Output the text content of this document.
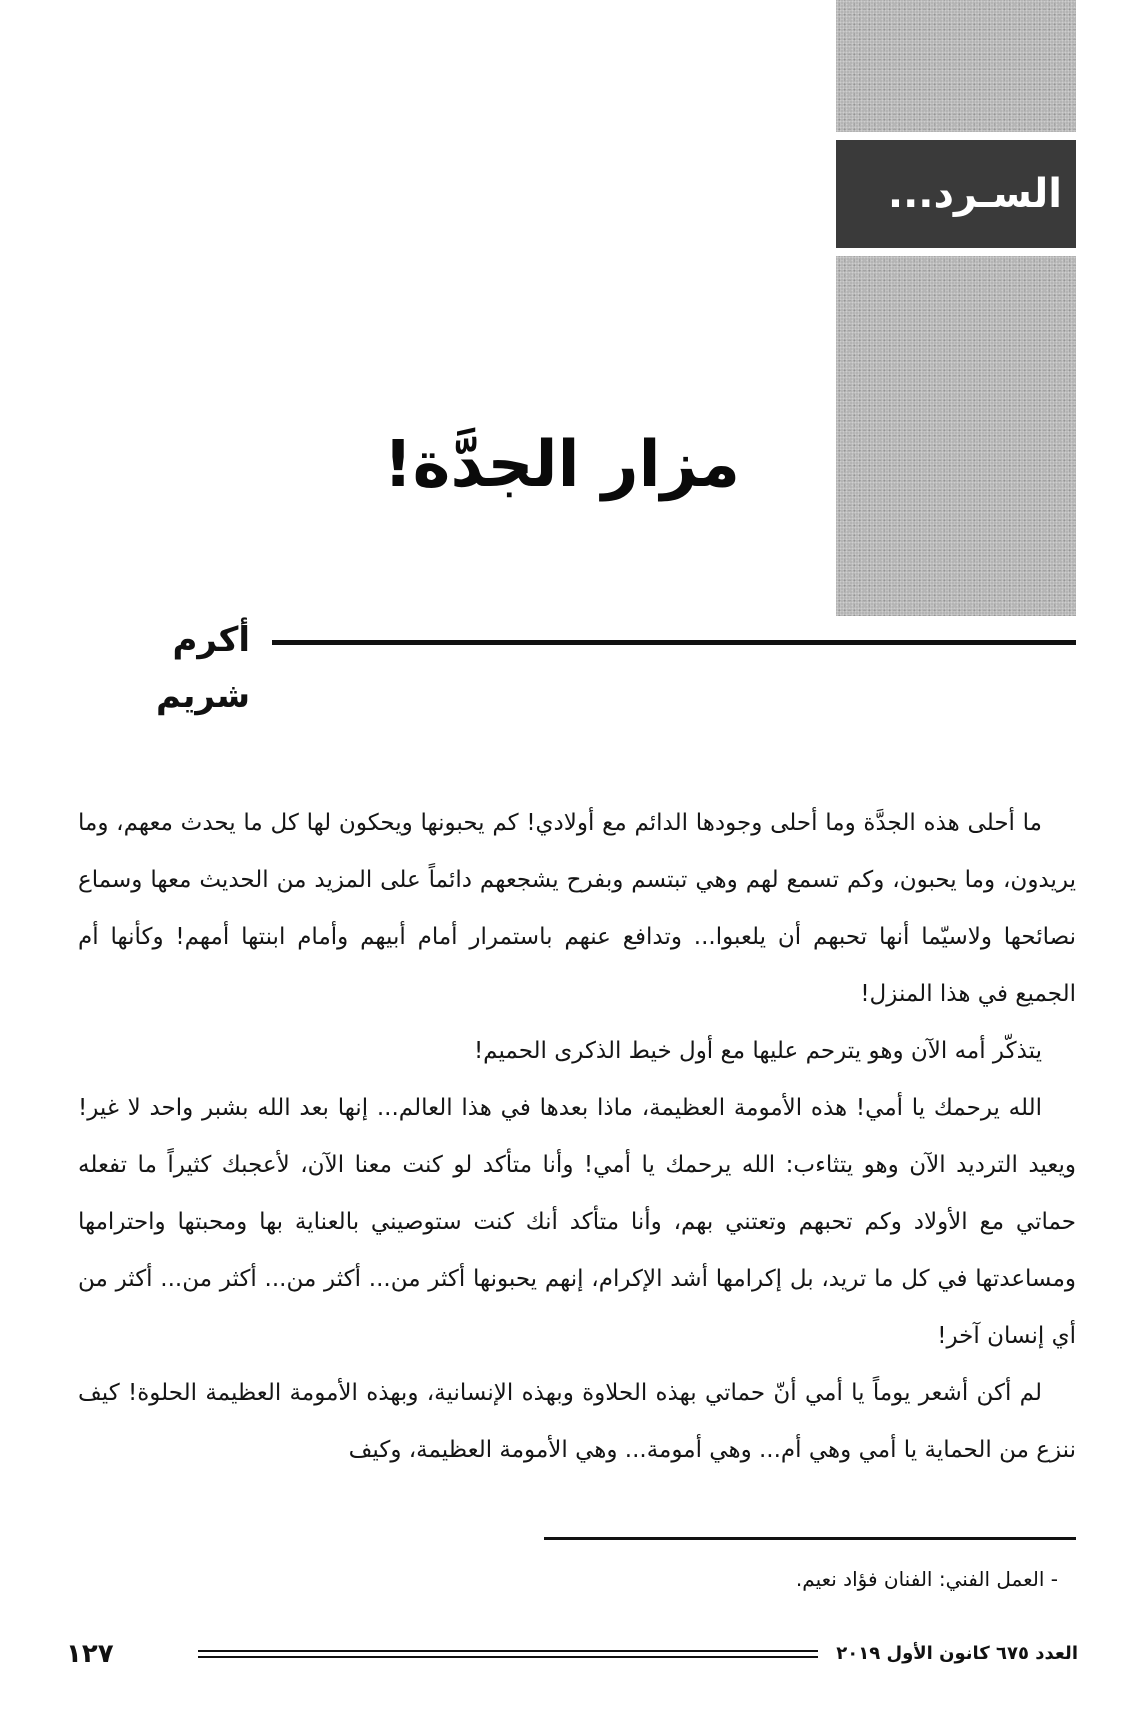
السـرد...
مزار الجدَّة!
أكرم شريم

ما أحلى هذه الجدَّة وما أحلى وجودها الدائم مع أولادي! كم يحبونها ويحكون لها كل ما يحدث معهم، وما يريدون، وما يحبون، وكم تسمع لهم وهي تبتسم وبفرح يشجعهم دائماً على المزيد من الحديث معها وسماع نصائحها ولاسيّما أنها تحبهم أن يلعبوا... وتدافع عنهم باستمرار أمام أبيهم وأمام ابنتها أمهم! وكأنها أم الجميع في هذا المنزل!

يتذكّر أمه الآن وهو يترحم عليها مع أول خيط الذكرى الحميم!

الله يرحمك يا أمي! هذه الأمومة العظيمة، ماذا بعدها في هذا العالم... إنها بعد الله بشبر واحد لا غير! ويعيد الترديد الآن وهو يتثاءب: الله يرحمك يا أمي! وأنا متأكد لو كنت معنا الآن، لأعجبك كثيراً ما تفعله حماتي مع الأولاد وكم تحبهم وتعتني بهم، وأنا متأكد أنك كنت ستوصيني بالعناية بها ومحبتها واحترامها ومساعدتها في كل ما تريد، بل إكرامها أشد الإكرام، إنهم يحبونها أكثر من... أكثر من... أكثر من... أكثر من أي إنسان آخر!

لم أكن أشعر يوماً يا أمي أنّ حماتي بهذه الحلاوة وبهذه الإنسانية، وبهذه الأمومة العظيمة الحلوة! كيف ننزع من الحماية يا أمي وهي أم... وهي أمومة... وهي الأمومة العظيمة، وكيف

- العمل الفني: الفنان فؤاد نعيم.
العدد ٦٧٥ كانون الأول ٢٠١٩
١٢٧
